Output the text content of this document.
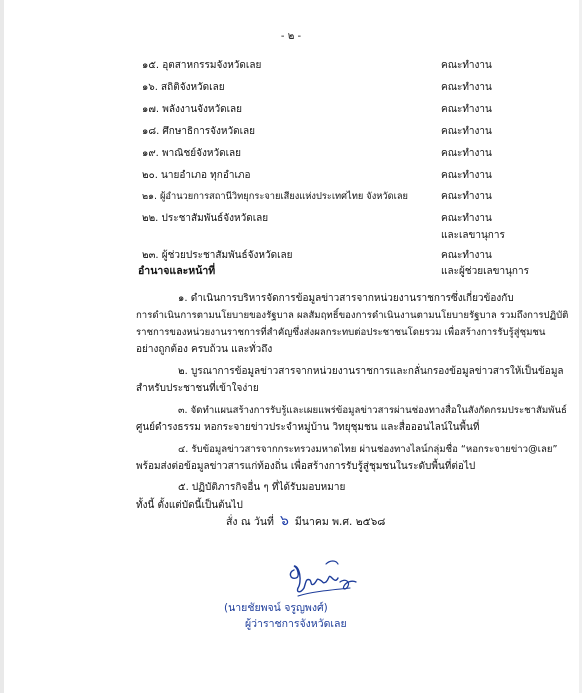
- ๒ -
๑๕. อุตสาหกรรมจังหวัดเลย	คณะทำงาน
๑๖. สถิติจังหวัดเลย	คณะทำงาน
๑๗. พลังงานจังหวัดเลย	คณะทำงาน
๑๘. ศึกษาธิการจังหวัดเลย	คณะทำงาน
๑๙. พาณิชย์จังหวัดเลย	คณะทำงาน
๒๐. นายอำเภอ ทุกอำเภอ	คณะทำงาน
๒๑. ผู้อำนวยการสถานีวิทยุกระจายเสียงแห่งประเทศไทย จังหวัดเลย	คณะทำงาน
๒๒. ประชาสัมพันธ์จังหวัดเลย	คณะทำงาน
และเลขานุการ
๒๓. ผู้ช่วยประชาสัมพันธ์จังหวัดเลย	คณะทำงาน
และผู้ช่วยเลขานุการ
อำนาจและหน้าที่
๑. ดำเนินการบริหารจัดการข้อมูลข่าวสารจากหน่วยงานราชการซึ่งเกี่ยวข้องกับ
การดำเนินการตามนโยบายของรัฐบาล ผลสัมฤทธิ์ของการดำเนินงานตามนโยบายรัฐบาล รวมถึงการปฏิบัติ
ราชการของหน่วยงานราชการที่สำคัญซึ่งส่งผลกระทบต่อประชาชนโดยรวม เพื่อสร้างการรับรู้สู่ชุมชน
อย่างถูกต้อง ครบถ้วน และทั่วถึง
๒. บูรณาการข้อมูลข่าวสารจากหน่วยงานราชการและกลั่นกรองข้อมูลข่าวสารให้เป็นข้อมูล
สำหรับประชาชนที่เข้าใจง่าย
๓. จัดทำแผนสร้างการรับรู้และเผยแพร่ข้อมูลข่าวสารผ่านช่องทางสื่อในสังกัดกรมประชาสัมพันธ์
ศูนย์ดำรงธรรม หอกระจายข่าวประจำหมู่บ้าน วิทยุชุมชน และสื่อออนไลน์ในพื้นที่
๔. รับข้อมูลข่าวสารจากกระทรวงมหาดไทย ผ่านช่องทางไลน์กลุ่มชื่อ “หอกระจายข่าว@เลย”
พร้อมส่งต่อข้อมูลข่าวสารแก่ท้องถิ่น เพื่อสร้างการรับรู้สู่ชุมชนในระดับพื้นที่ต่อไป
๕. ปฏิบัติภารกิจอื่น ๆ ที่ได้รับมอบหมาย
ทั้งนี้ ตั้งแต่บัดนี้เป็นต้นไป
สั่ง ณ วันที่ ๖ มีนาคม พ.ศ. ๒๕๖๘
(นายชัยพจน์ จรูญพงศ์)
ผู้ว่าราชการจังหวัดเลย
